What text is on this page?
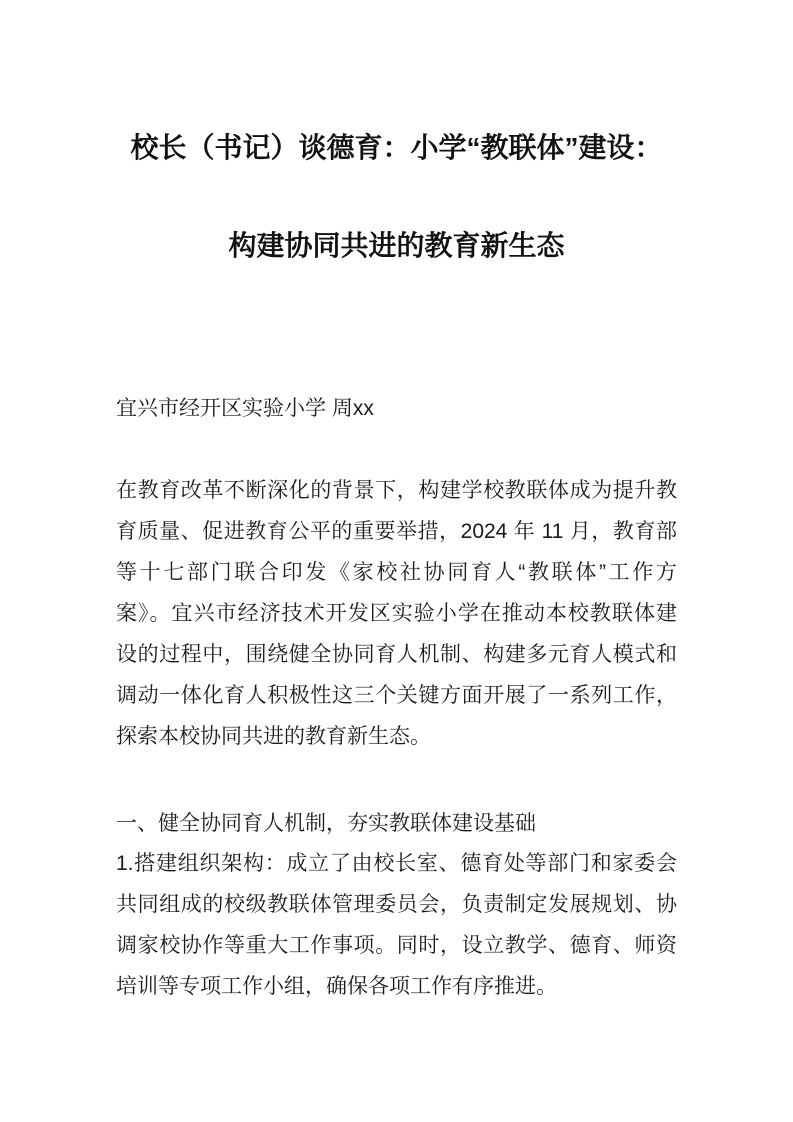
校长（书记）谈德育：小学“教联体”建设：
构建协同共进的教育新生态
宜兴市经开区实验小学 周xx
在教育改革不断深化的背景下，构建学校教联体成为提升教
育质量、促进教育公平的重要举措，2024 年 11 月，教育部
等十七部门联合印发《家校社协同育人“教联体”工作方
案》。宜兴市经济技术开发区实验小学在推动本校教联体建
设的过程中，围绕健全协同育人机制、构建多元育人模式和
调动一体化育人积极性这三个关键方面开展了一系列工作，
探索本校协同共进的教育新生态。
一、健全协同育人机制，夯实教联体建设基础
1.搭建组织架构：成立了由校长室、德育处等部门和家委会
共同组成的校级教联体管理委员会，负责制定发展规划、协
调家校协作等重大工作事项。同时，设立教学、德育、师资
培训等专项工作小组，确保各项工作有序推进。
